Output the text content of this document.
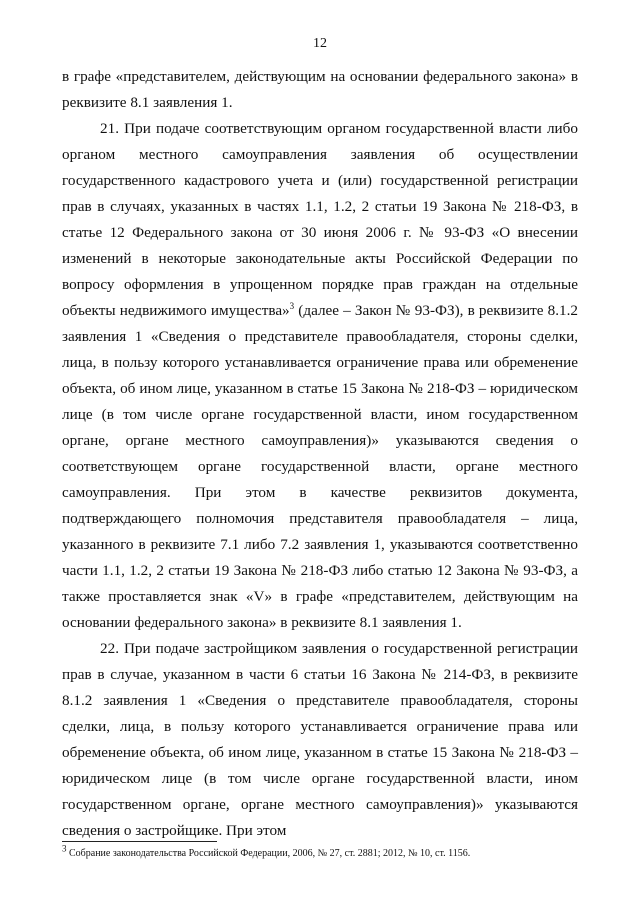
12

в графе «представителем, действующим на основании федерального закона» в реквизите 8.1 заявления 1.

21. При подаче соответствующим органом государственной власти либо органом местного самоуправления заявления об осуществлении государственного кадастрового учета и (или) государственной регистрации прав в случаях, указанных в частях 1.1, 1.2, 2 статьи 19 Закона № 218-ФЗ, в статье 12 Федерального закона от 30 июня 2006 г. № 93-ФЗ «О внесении изменений в некоторые законодательные акты Российской Федерации по вопросу оформления в упрощенном порядке прав граждан на отдельные объекты недвижимого имущества»$^3$ (далее – Закон № 93-ФЗ), в реквизите 8.1.2 заявления 1 «Сведения о представителе правообладателя, стороны сделки, лица, в пользу которого устанавливается ограничение права или обременение объекта, об ином лице, указанном в статье 15 Закона № 218-ФЗ – юридическом лице (в том числе органе государственной власти, ином государственном органе, органе местного самоуправления)» указываются сведения о соответствующем органе государственной власти, органе местного самоуправления. При этом в качестве реквизитов документа, подтверждающего полномочия представителя правообладателя – лица, указанного в реквизите 7.1 либо 7.2 заявления 1, указываются соответственно части 1.1, 1.2, 2 статьи 19 Закона № 218-ФЗ либо статью 12 Закона № 93-ФЗ, а также проставляется знак «V» в графе «представителем, действующим на основании федерального закона» в реквизите 8.1 заявления 1.

22. При подаче застройщиком заявления о государственной регистрации прав в случае, указанном в части 6 статьи 16 Закона № 214-ФЗ, в реквизите 8.1.2 заявления 1 «Сведения о представителе правообладателя, стороны сделки, лица, в пользу которого устанавливается ограничение права или обременение объекта, об ином лице, указанном в статье 15 Закона № 218-ФЗ – юридическом лице (в том числе органе государственной власти, ином государственном органе, органе местного самоуправления)» указываются сведения о застройщике. При этом

$^3$ Собрание законодательства Российской Федерации, 2006, № 27, ст. 2881; 2012, № 10, ст. 1156.
